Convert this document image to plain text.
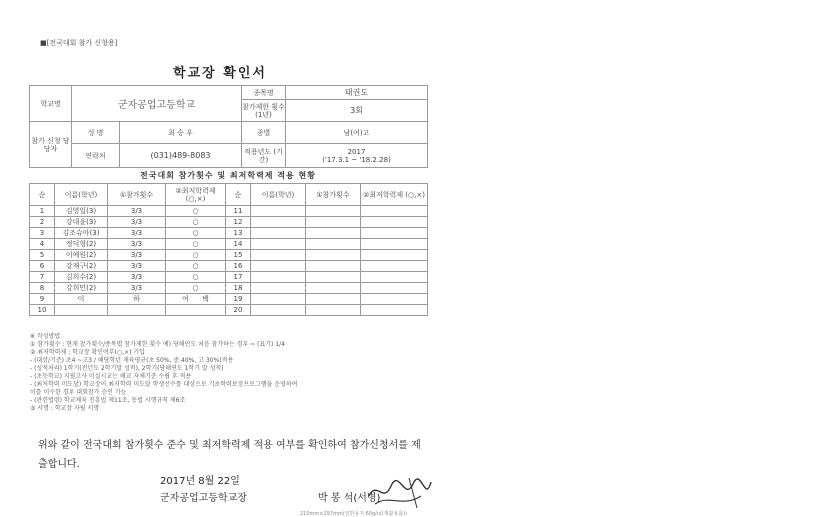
■[전국대회 참가 신청용]
학교장 확인서
학교명	군자공업고등학교		종목명	태권도
			참가제한 횟수(1년)	3회
참가 신청 담당자	성 명	최 승 우	종별	남(여)고
	연락처	(031)489-8083	적용년도 (기간)	2017
('17.3.1 ~ '18.2.28)
전국대회 참가횟수 및 최저학력제 적용 현황
순	이름(학년)	①참가횟수	②최저학력제 (○,×)	순	이름(학년)	①참가횟수	②최저학력제 (○,×)
1	김영일(3)	3/3	○	11			
2	강대윤(3)	3/3	○	12			
3	김조슈아(3)	3/3	○	13			
4	정덕형(2)	3/3	○	14			
5	이예원(2)	3/3	○	15			
6	강재구(2)	3/3	○	16			
7	김희수(2)	3/3	○	17			
8	강희민(2)	3/3	○	18			
9	이	하	여 백	19			
10				20			
※ 작성방법
① 참가횟수 : 현재 참가횟수/종목별 참가제한 횟수 예) 당해연도 처음 참가하는 경우 ⇨ (표기) 1/4
② 최저학력제 : 학교장 확인여부(○,×) 기입
- (대상/기준) 초4 ~고3 / 해당학년 재육평균(초 50%, 중 40%, 고 30%)적용
- (성적처리) 1학기(전년도 2학기말 성적), 2학기(당해연도 1학기 말 성적)
- (초등학교) 지필고사 미실시교는 해교 자체기준 수립 후 적용
- (최저학력 미도달) 학교장이 최저학력 미도달 학생선수를 대상으로 기초학력보장프로그램을 운영하여
이를 이수한 경우 대회참가 승인 가능
- (관련법령) 학교체육 진흥법 제11조, 동법 시행규칙 제6조
③ 서명 : 학교장 자필 서명
위와 같이 전국대회 참가횟수 준수 및 최저학력제 적용 여부를 확인하여 참가신청서를 제출합니다.
2017년 8월 22일
군자공업고등학교장	박 봉 석(서명)
210mm×297mm(일반용지 60g/㎡(재활용품))
